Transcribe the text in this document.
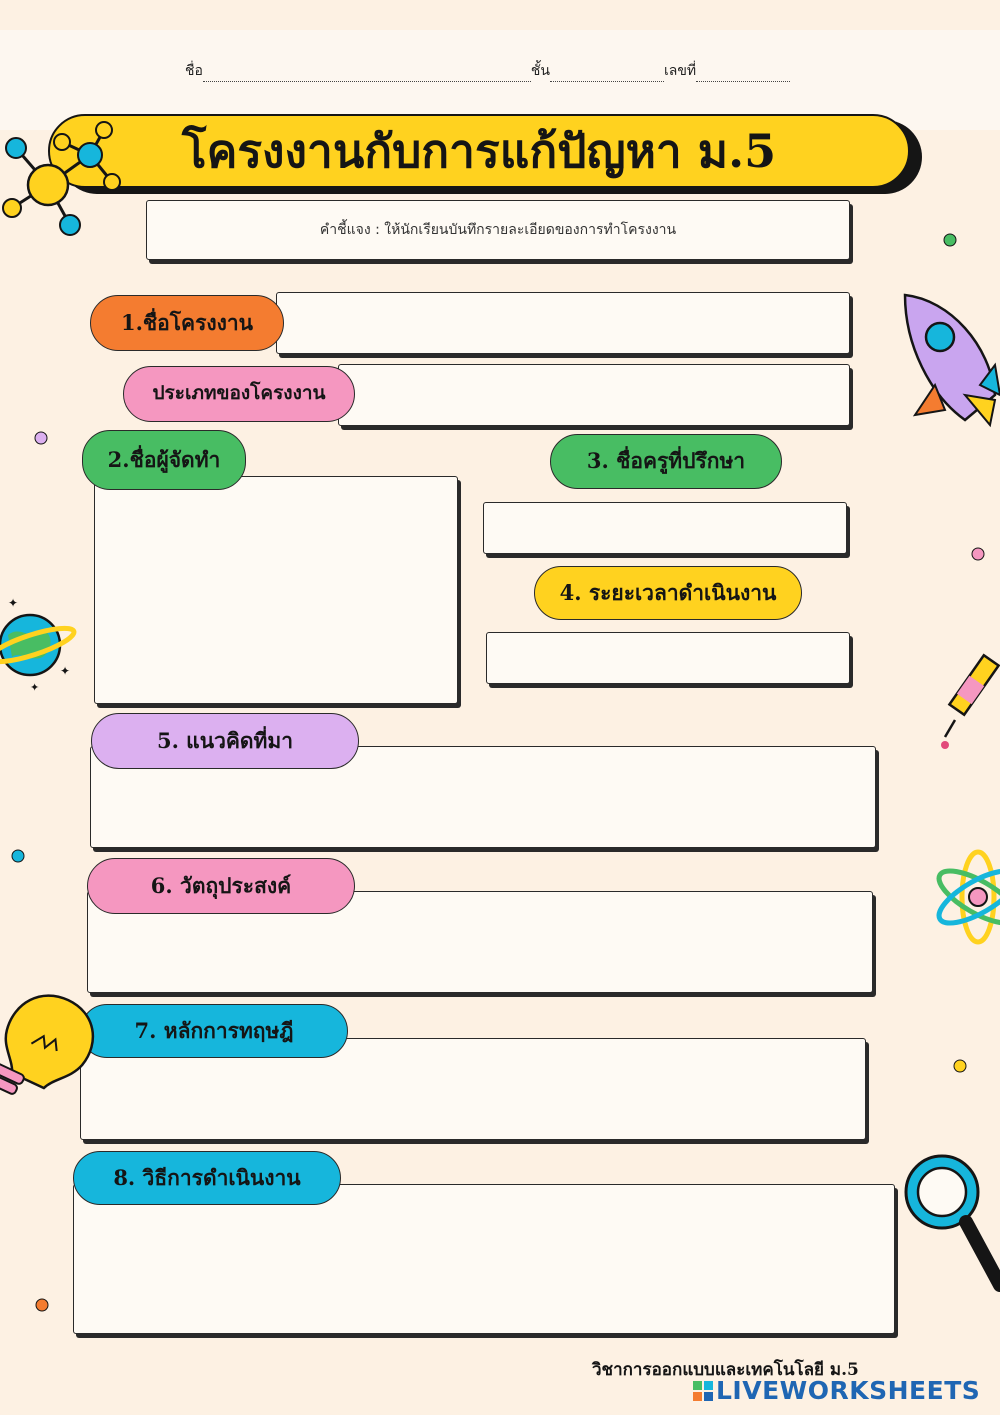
ชื่อ	ชั้น	เลขที่
โครงงานกับการแก้ปัญหา ม.5
คำชี้แจง : ให้นักเรียนบันทึกรายละเอียดของการทำโครงงาน
1.ชื่อโครงงาน
ประเภทของโครงงาน
2.ชื่อผู้จัดทำ	3. ชื่อครูที่ปรึกษา
4. ระยะเวลาดำเนินงาน
5. แนวคิดที่มา
6. วัตถุประสงค์
7. หลักการทฤษฎี
8. วิธีการดำเนินงาน
✦
✦
✦
วิชาการออกแบบและเทคโนโลยี ม.5
LIVEWORKSHEETS
